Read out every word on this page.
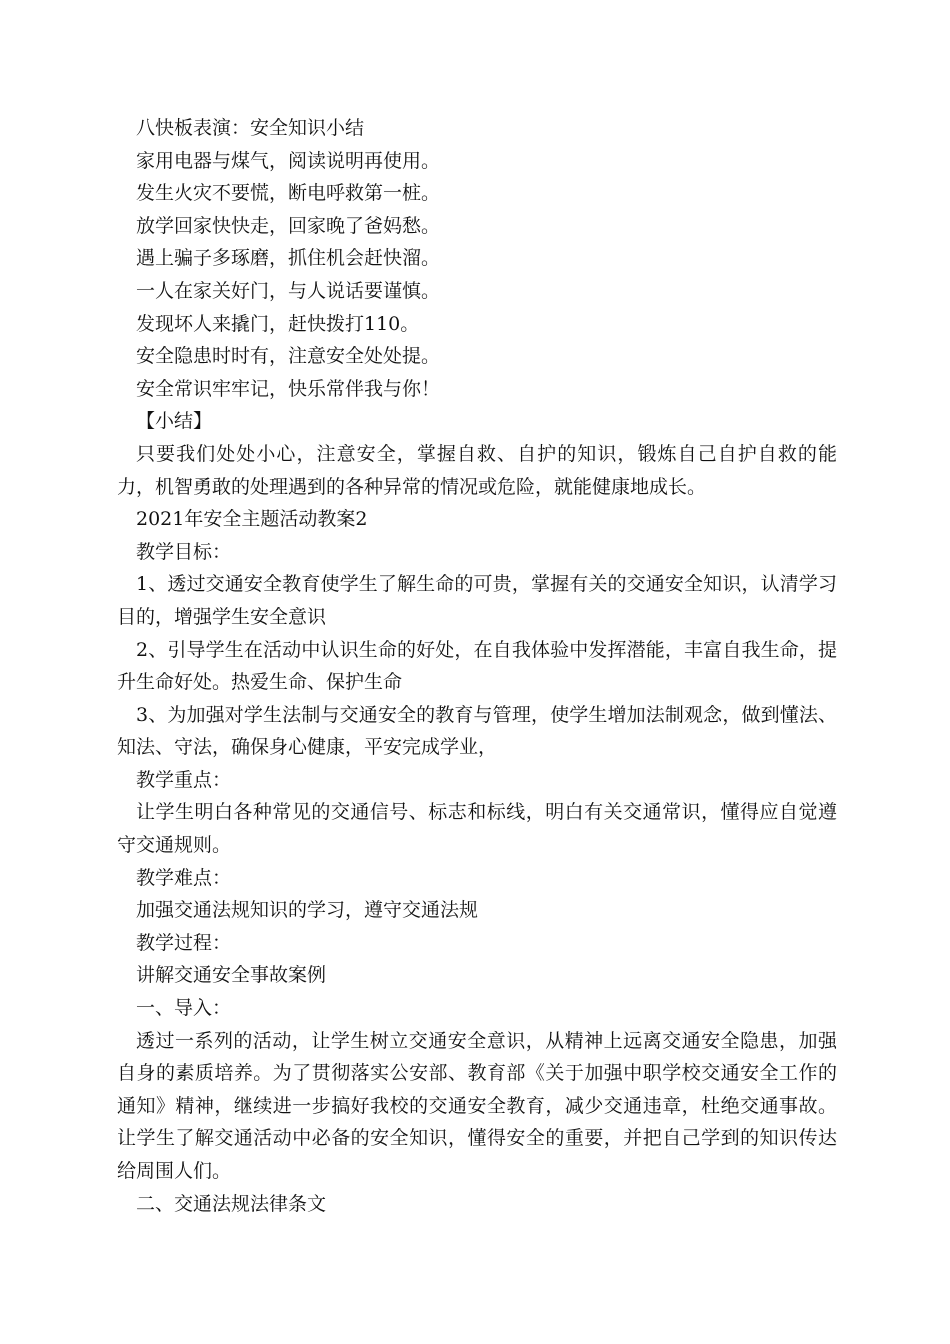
八快板表演：安全知识小结

家用电器与煤气，阅读说明再使用。

发生火灾不要慌，断电呼救第一桩。

放学回家快快走，回家晚了爸妈愁。

遇上骗子多琢磨，抓住机会赶快溜。

一人在家关好门，与人说话要谨慎。

发现坏人来撬门，赶快拨打110。

安全隐患时时有，注意安全处处提。

安全常识牢牢记，快乐常伴我与你！

【小结】

只要我们处处小心，注意安全，掌握自救、自护的知识，锻炼自己自护自救的能力，机智勇敢的处理遇到的各种异常的情况或危险，就能健康地成长。

2021年安全主题活动教案2

教学目标：

1、透过交通安全教育使学生了解生命的可贵，掌握有关的交通安全知识，认清学习目的，增强学生安全意识

2、引导学生在活动中认识生命的好处，在自我体验中发挥潜能，丰富自我生命，提升生命好处。热爱生命、保护生命

3、为加强对学生法制与交通安全的教育与管理，使学生增加法制观念，做到懂法、知法、守法，确保身心健康，平安完成学业，

教学重点：

让学生明白各种常见的交通信号、标志和标线，明白有关交通常识，懂得应自觉遵守交通规则。

教学难点：

加强交通法规知识的学习，遵守交通法规

教学过程：

讲解交通安全事故案例

一、导入：

透过一系列的活动，让学生树立交通安全意识，从精神上远离交通安全隐患，加强自身的素质培养。为了贯彻落实公安部、教育部《关于加强中职学校交通安全工作的通知》精神，继续进一步搞好我校的交通安全教育，减少交通违章，杜绝交通事故。让学生了解交通活动中必备的安全知识，懂得安全的重要，并把自己学到的知识传达给周围人们。

二、交通法规法律条文
